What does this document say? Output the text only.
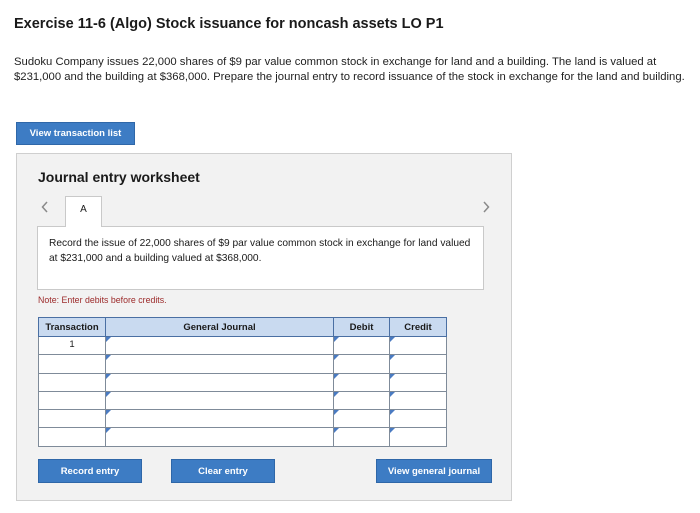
Exercise 11-6 (Algo) Stock issuance for noncash assets LO P1

Sudoku Company issues 22,000 shares of $9 par value common stock in exchange for land and a building. The land is valued at $231,000 and the building at $368,000. Prepare the journal entry to record issuance of the stock in exchange for the land and building.

View transaction list
Journal entry worksheet
A
Record the issue of 22,000 shares of $9 par value common stock in exchange for land valued at $231,000 and a building valued at $368,000.
Note: Enter debits before credits.
Transaction	General Journal	Debit	Credit
1			

Record entry	Clear entry	View general journal
